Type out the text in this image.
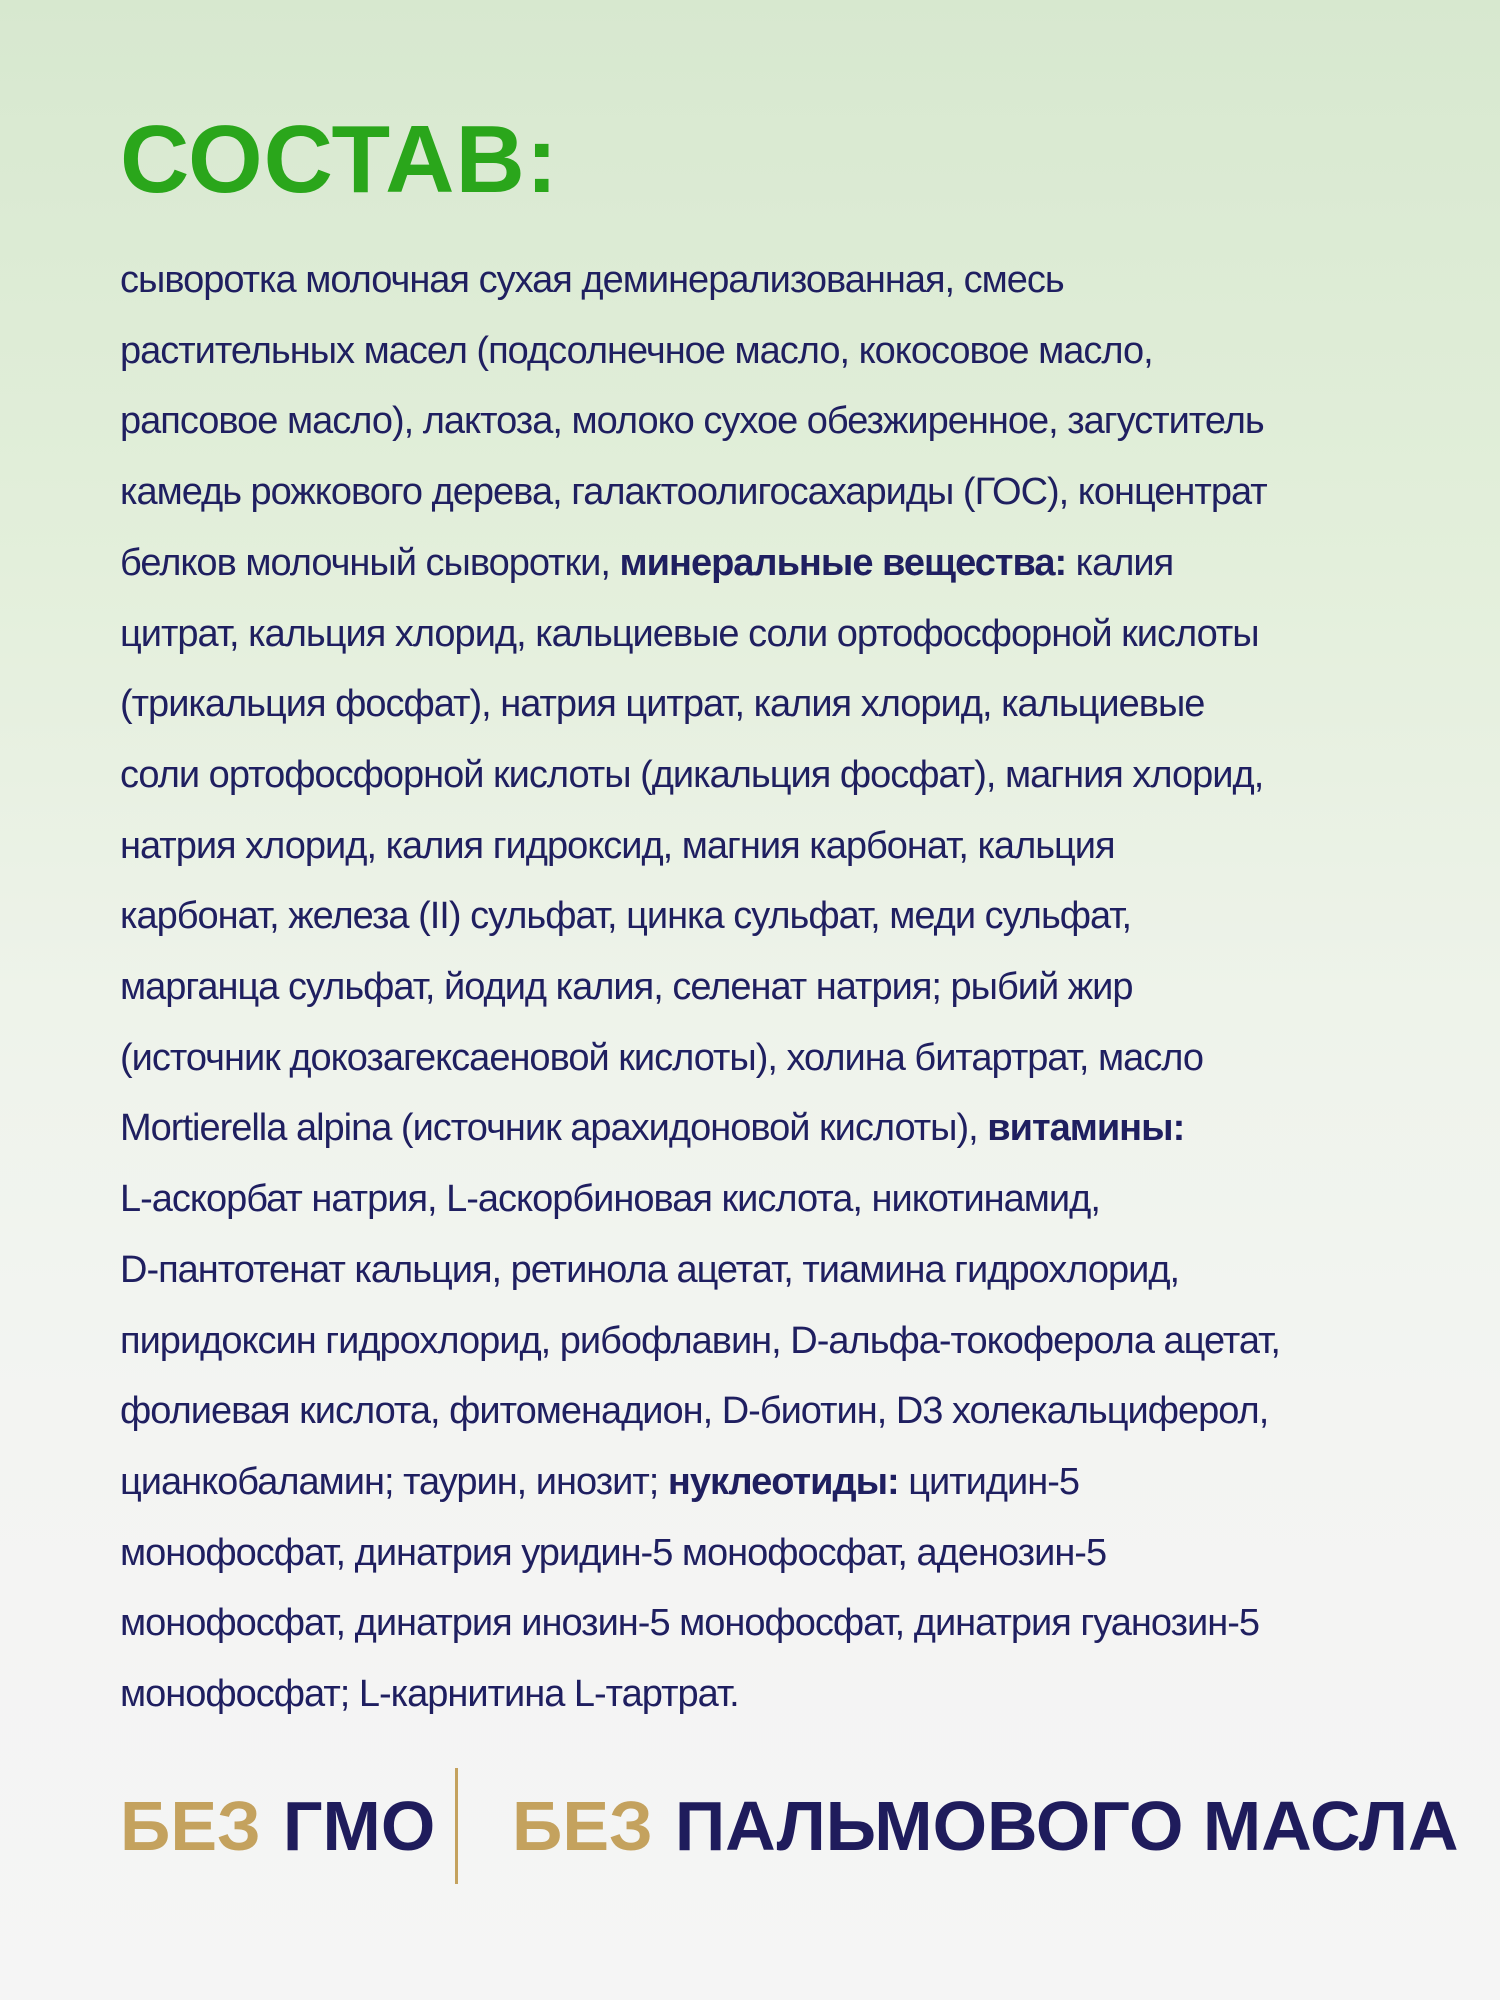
СОСТАВ:

сыворотка молочная сухая деминерализованная, смесь
растительных масел (подсолнечное масло, кокосовое масло,
рапсовое масло), лактоза, молоко сухое обезжиренное, загуститель
камедь рожкового дерева, галактоолигосахариды (ГОС), концентрат
белков молочный сыворотки, минеральные вещества: калия
цитрат, кальция хлорид, кальциевые соли ортофосфорной кислоты
(трикальция фосфат), натрия цитрат, калия хлорид, кальциевые
соли ортофосфорной кислоты (дикальция фосфат), магния хлорид,
натрия хлорид, калия гидроксид, магния карбонат, кальция
карбонат, железа (II) сульфат, цинка сульфат, меди сульфат,
марганца сульфат, йодид калия, селенат натрия; рыбий жир
(источник докозагексаеновой кислоты), холина битартрат, масло
Mortierella alpina (источник арахидоновой кислоты), витамины:
L-аскорбат натрия, L-аскорбиновая кислота, никотинамид,
D-пантотенат кальция, ретинола ацетат, тиамина гидрохлорид,
пиридоксин гидрохлорид, рибофлавин, D-альфа-токоферола ацетат,
фолиевая кислота, фитоменадион, D-биотин, D3 холекальциферол,
цианкобаламин; таурин, инозит; нуклеотиды: цитидин-5
монофосфат, динатрия уридин-5 монофосфат, аденозин-5
монофосфат, динатрия инозин-5 монофосфат, динатрия гуанозин-5
монофосфат; L-карнитина L-тартрат.

БЕЗ ГМО БЕЗ ПАЛЬМОВОГО МАСЛА
